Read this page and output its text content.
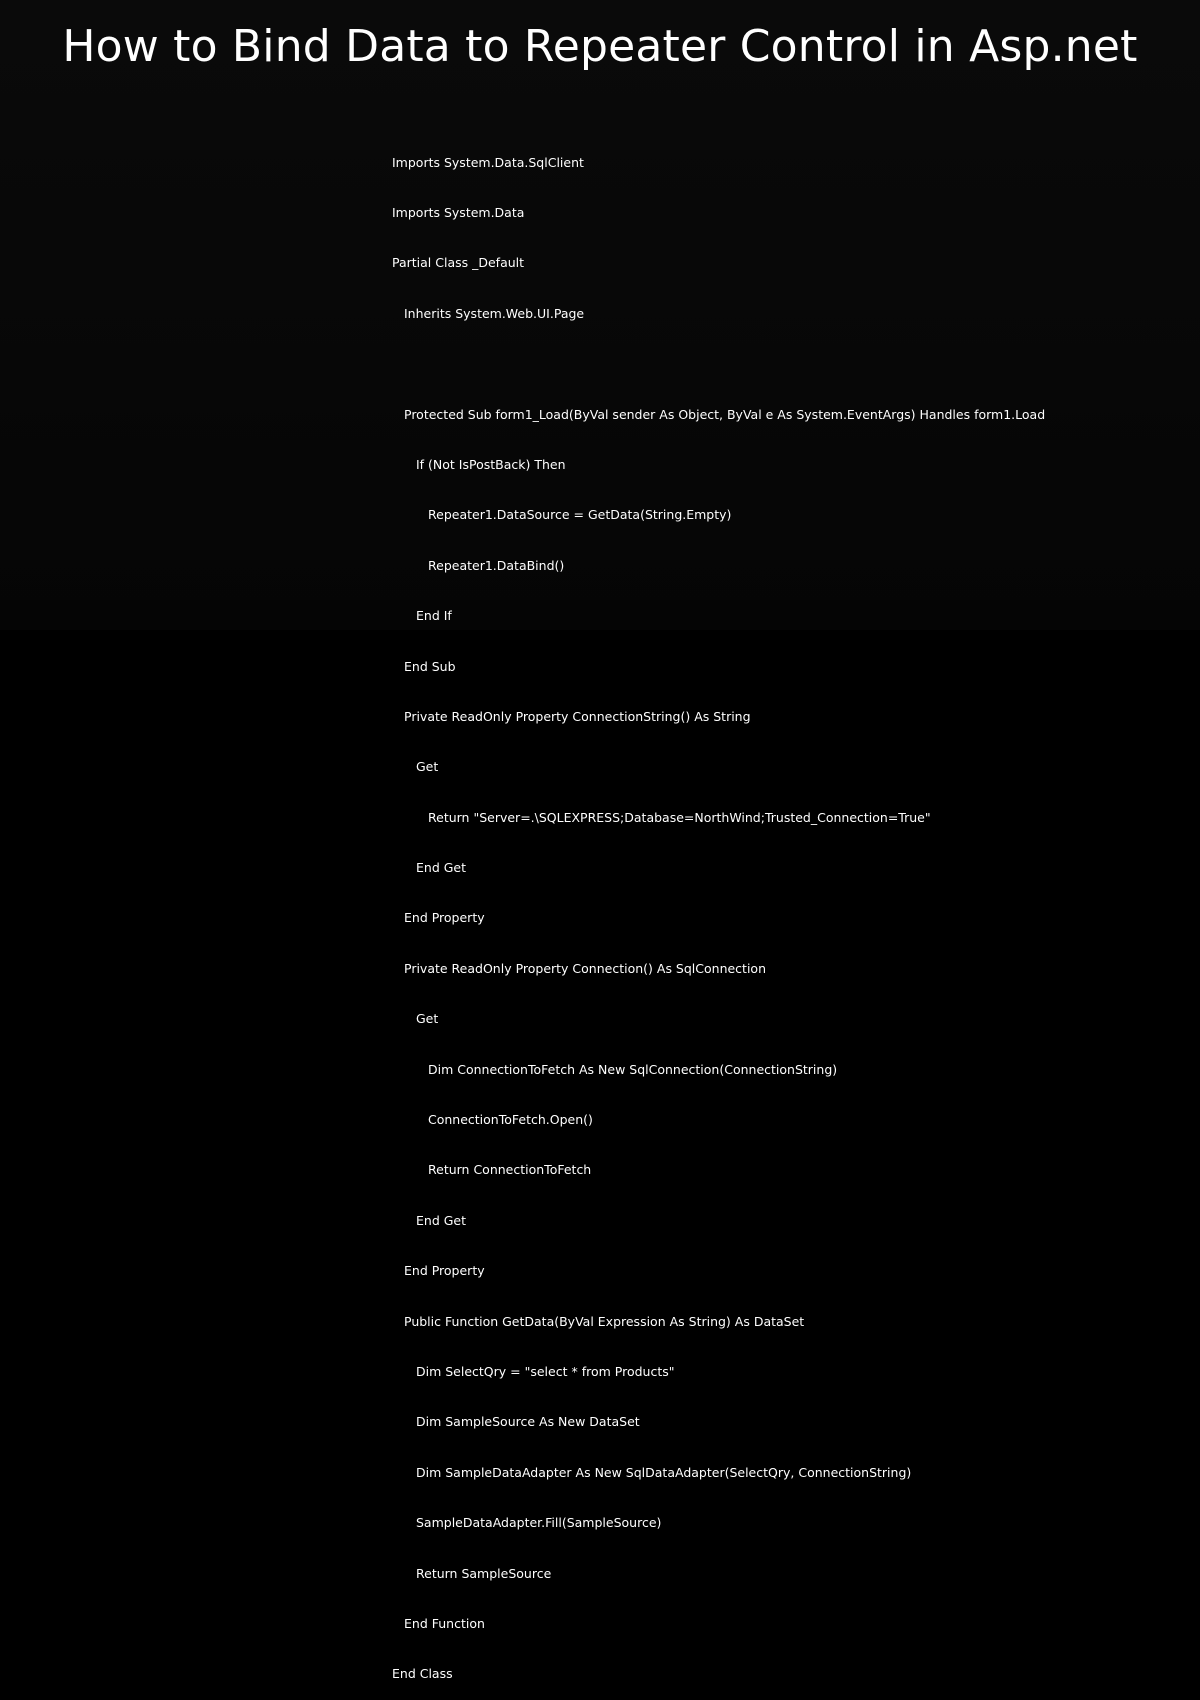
How to Bind Data to Repeater Control in Asp.net

Imports System.Data.SqlClient

Imports System.Data

Partial Class _Default

Inherits System.Web.UI.Page

Protected Sub form1_Load(ByVal sender As Object, ByVal e As System.EventArgs) Handles form1.Load

If (Not IsPostBack) Then

Repeater1.DataSource = GetData(String.Empty)

Repeater1.DataBind()

End If

End Sub

Private ReadOnly Property ConnectionString() As String

Get

Return "Server=.\SQLEXPRESS;Database=NorthWind;Trusted_Connection=True"

End Get

End Property

Private ReadOnly Property Connection() As SqlConnection

Get

Dim ConnectionToFetch As New SqlConnection(ConnectionString)

ConnectionToFetch.Open()

Return ConnectionToFetch

End Get

End Property

Public Function GetData(ByVal Expression As String) As DataSet

Dim SelectQry = "select * from Products"

Dim SampleSource As New DataSet

Dim SampleDataAdapter As New SqlDataAdapter(SelectQry, ConnectionString)

SampleDataAdapter.Fill(SampleSource)

Return SampleSource

End Function

End Class
